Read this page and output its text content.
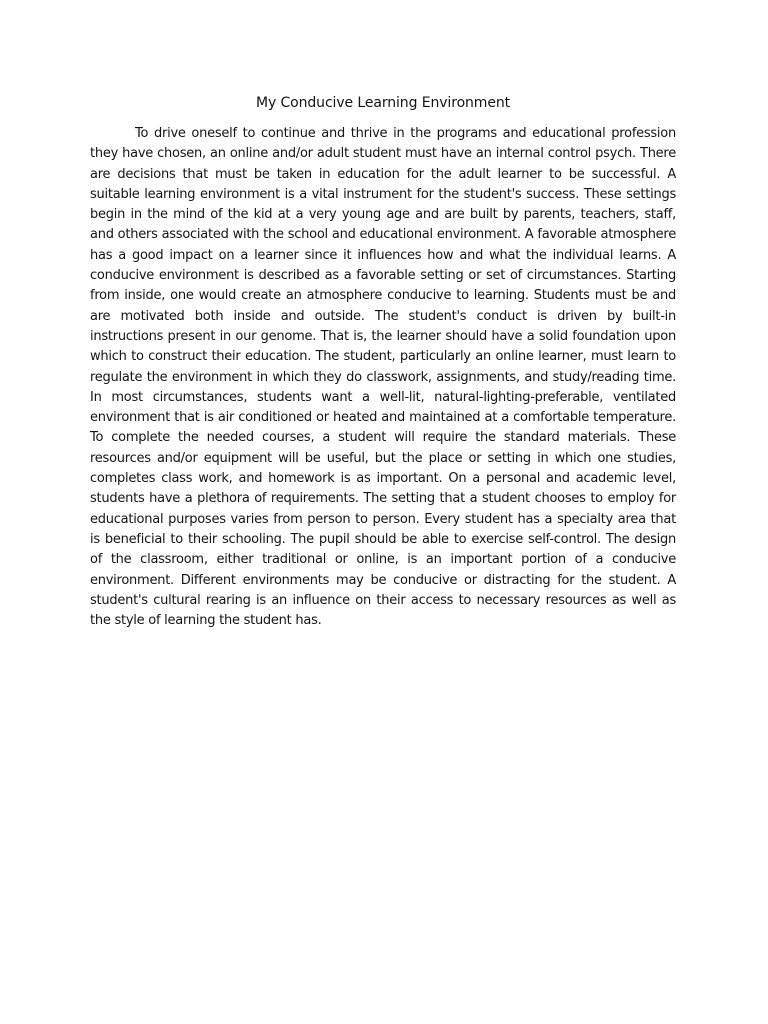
My Conducive Learning Environment

To drive oneself to continue and thrive in the programs and educational profession they have chosen, an online and/or adult student must have an internal control psych. There are decisions that must be taken in education for the adult learner to be successful. A suitable learning environment is a vital instrument for the student's success. These settings begin in the mind of the kid at a very young age and are built by parents, teachers, staff, and others associated with the school and educational environment. A favorable atmosphere has a good impact on a learner since it influences how and what the individual learns. A conducive environment is described as a favorable setting or set of circumstances. Starting from inside, one would create an atmosphere conducive to learning. Students must be and are motivated both inside and outside. The student's conduct is driven by built-in instructions present in our genome. That is, the learner should have a solid foundation upon which to construct their education. The student, particularly an online learner, must learn to regulate the environment in which they do classwork, assignments, and study/reading time. In most circumstances, students want a well-lit, natural-lighting-preferable, ventilated environment that is air conditioned or heated and maintained at a comfortable temperature. To complete the needed courses, a student will require the standard materials. These resources and/or equipment will be useful, but the place or setting in which one studies, completes class work, and homework is as important. On a personal and academic level, students have a plethora of requirements. The setting that a student chooses to employ for educational purposes varies from person to person. Every student has a specialty area that is beneficial to their schooling. The pupil should be able to exercise self-control. The design of the classroom, either traditional or online, is an important portion of a conducive environment. Different environments may be conducive or distracting for the student. A student's cultural rearing is an influence on their access to necessary resources as well as the style of learning the student has.
